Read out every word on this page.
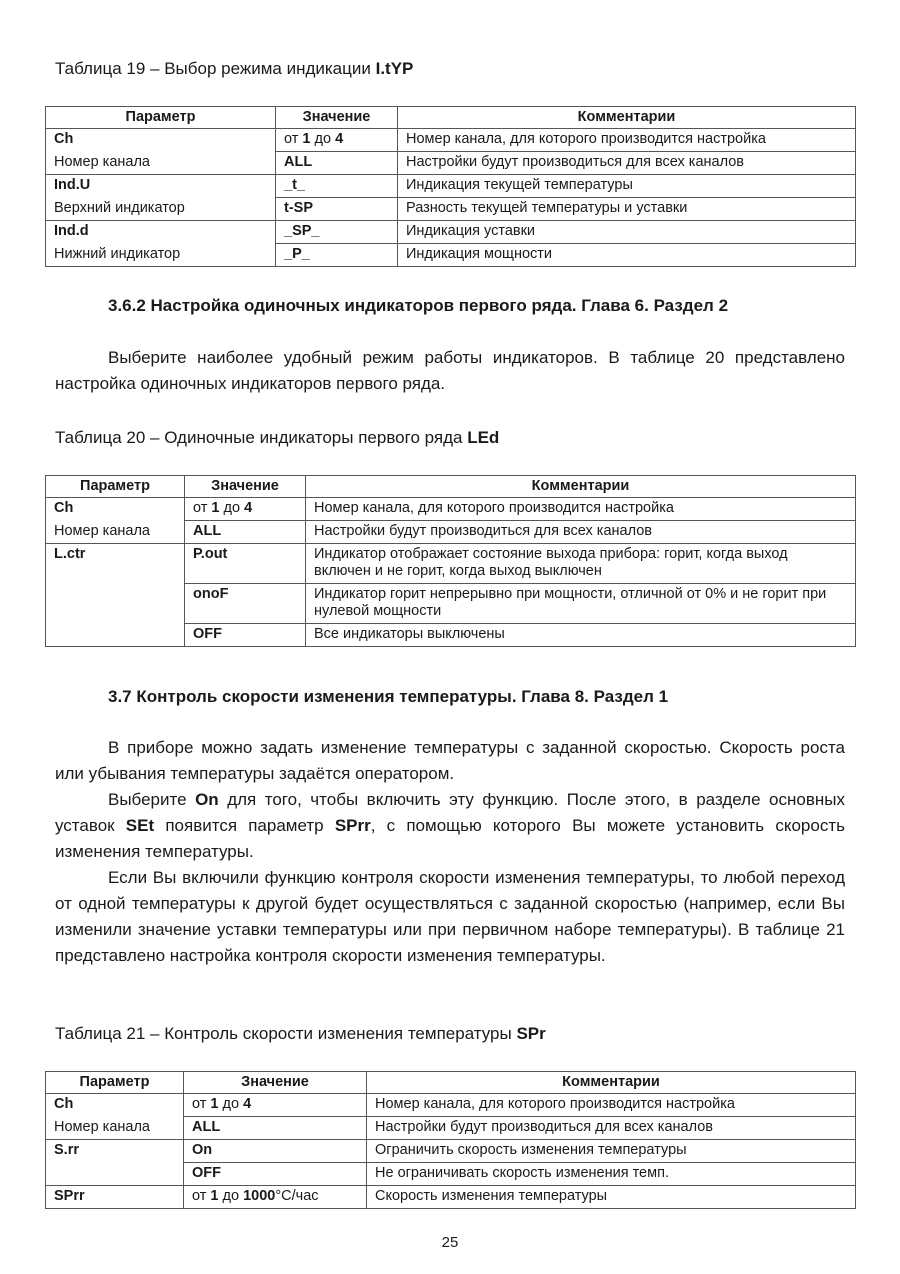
Таблица 19 – Выбор режима индикации I.tYP
Параметр	Значение	Комментарии
Ch	от 1 до 4	Номер канала, для которого производится настройка
Номер канала	ALL	Настройки будут производиться для всех каналов
Ind.U	_t_	Индикация текущей температуры
Верхний индикатор	t-SP	Разность текущей температуры и уставки
Ind.d	_SP_	Индикация уставки
Нижний индикатор	_P_	Индикация мощности
3.6.2 Настройка одиночных индикаторов первого ряда. Глава 6. Раздел 2

Выберите наиболее удобный режим работы индикаторов. В таблице 20 представлено настройка одиночных индикаторов первого ряда.

Таблица 20 – Одиночные индикаторы первого ряда LEd
Параметр	Значение	Комментарии
Ch	от 1 до 4	Номер канала, для которого производится настройка
Номер канала	ALL	Настройки будут производиться для всех каналов
L.ctr	P.out	Индикатор отображает состояние выхода прибора: горит, когда выход включен и не горит, когда выход выключен
	onoF	Индикатор горит непрерывно при мощности, отличной от 0% и не горит при нулевой мощности
	OFF	Все индикаторы выключены
3.7 Контроль скорости изменения температуры. Глава 8. Раздел 1

В приборе можно задать изменение температуры с заданной скоростью. Скорость роста или убывания температуры задаётся оператором.

Выберите On для того, чтобы включить эту функцию. После этого, в разделе основных уставок SEt появится параметр SPrr, с помощью которого Вы можете установить скорость изменения температуры.

Если Вы включили функцию контроля скорости изменения температуры, то любой переход от одной температуры к другой будет осуществляться с заданной скоростью (например, если Вы изменили значение уставки температуры или при первичном наборе температуры). В таблице 21 представлено настройка контроля скорости изменения температуры.

Таблица 21 – Контроль скорости изменения температуры SPr
Параметр	Значение	Комментарии
Ch	от 1 до 4	Номер канала, для которого производится настройка
Номер канала	ALL	Настройки будут производиться для всех каналов
S.rr	On	Ограничить скорость изменения температуры
	OFF	Не ограничивать скорость изменения темп.
SPrr	от 1 до 1000°С/час	Скорость изменения температуры
25
